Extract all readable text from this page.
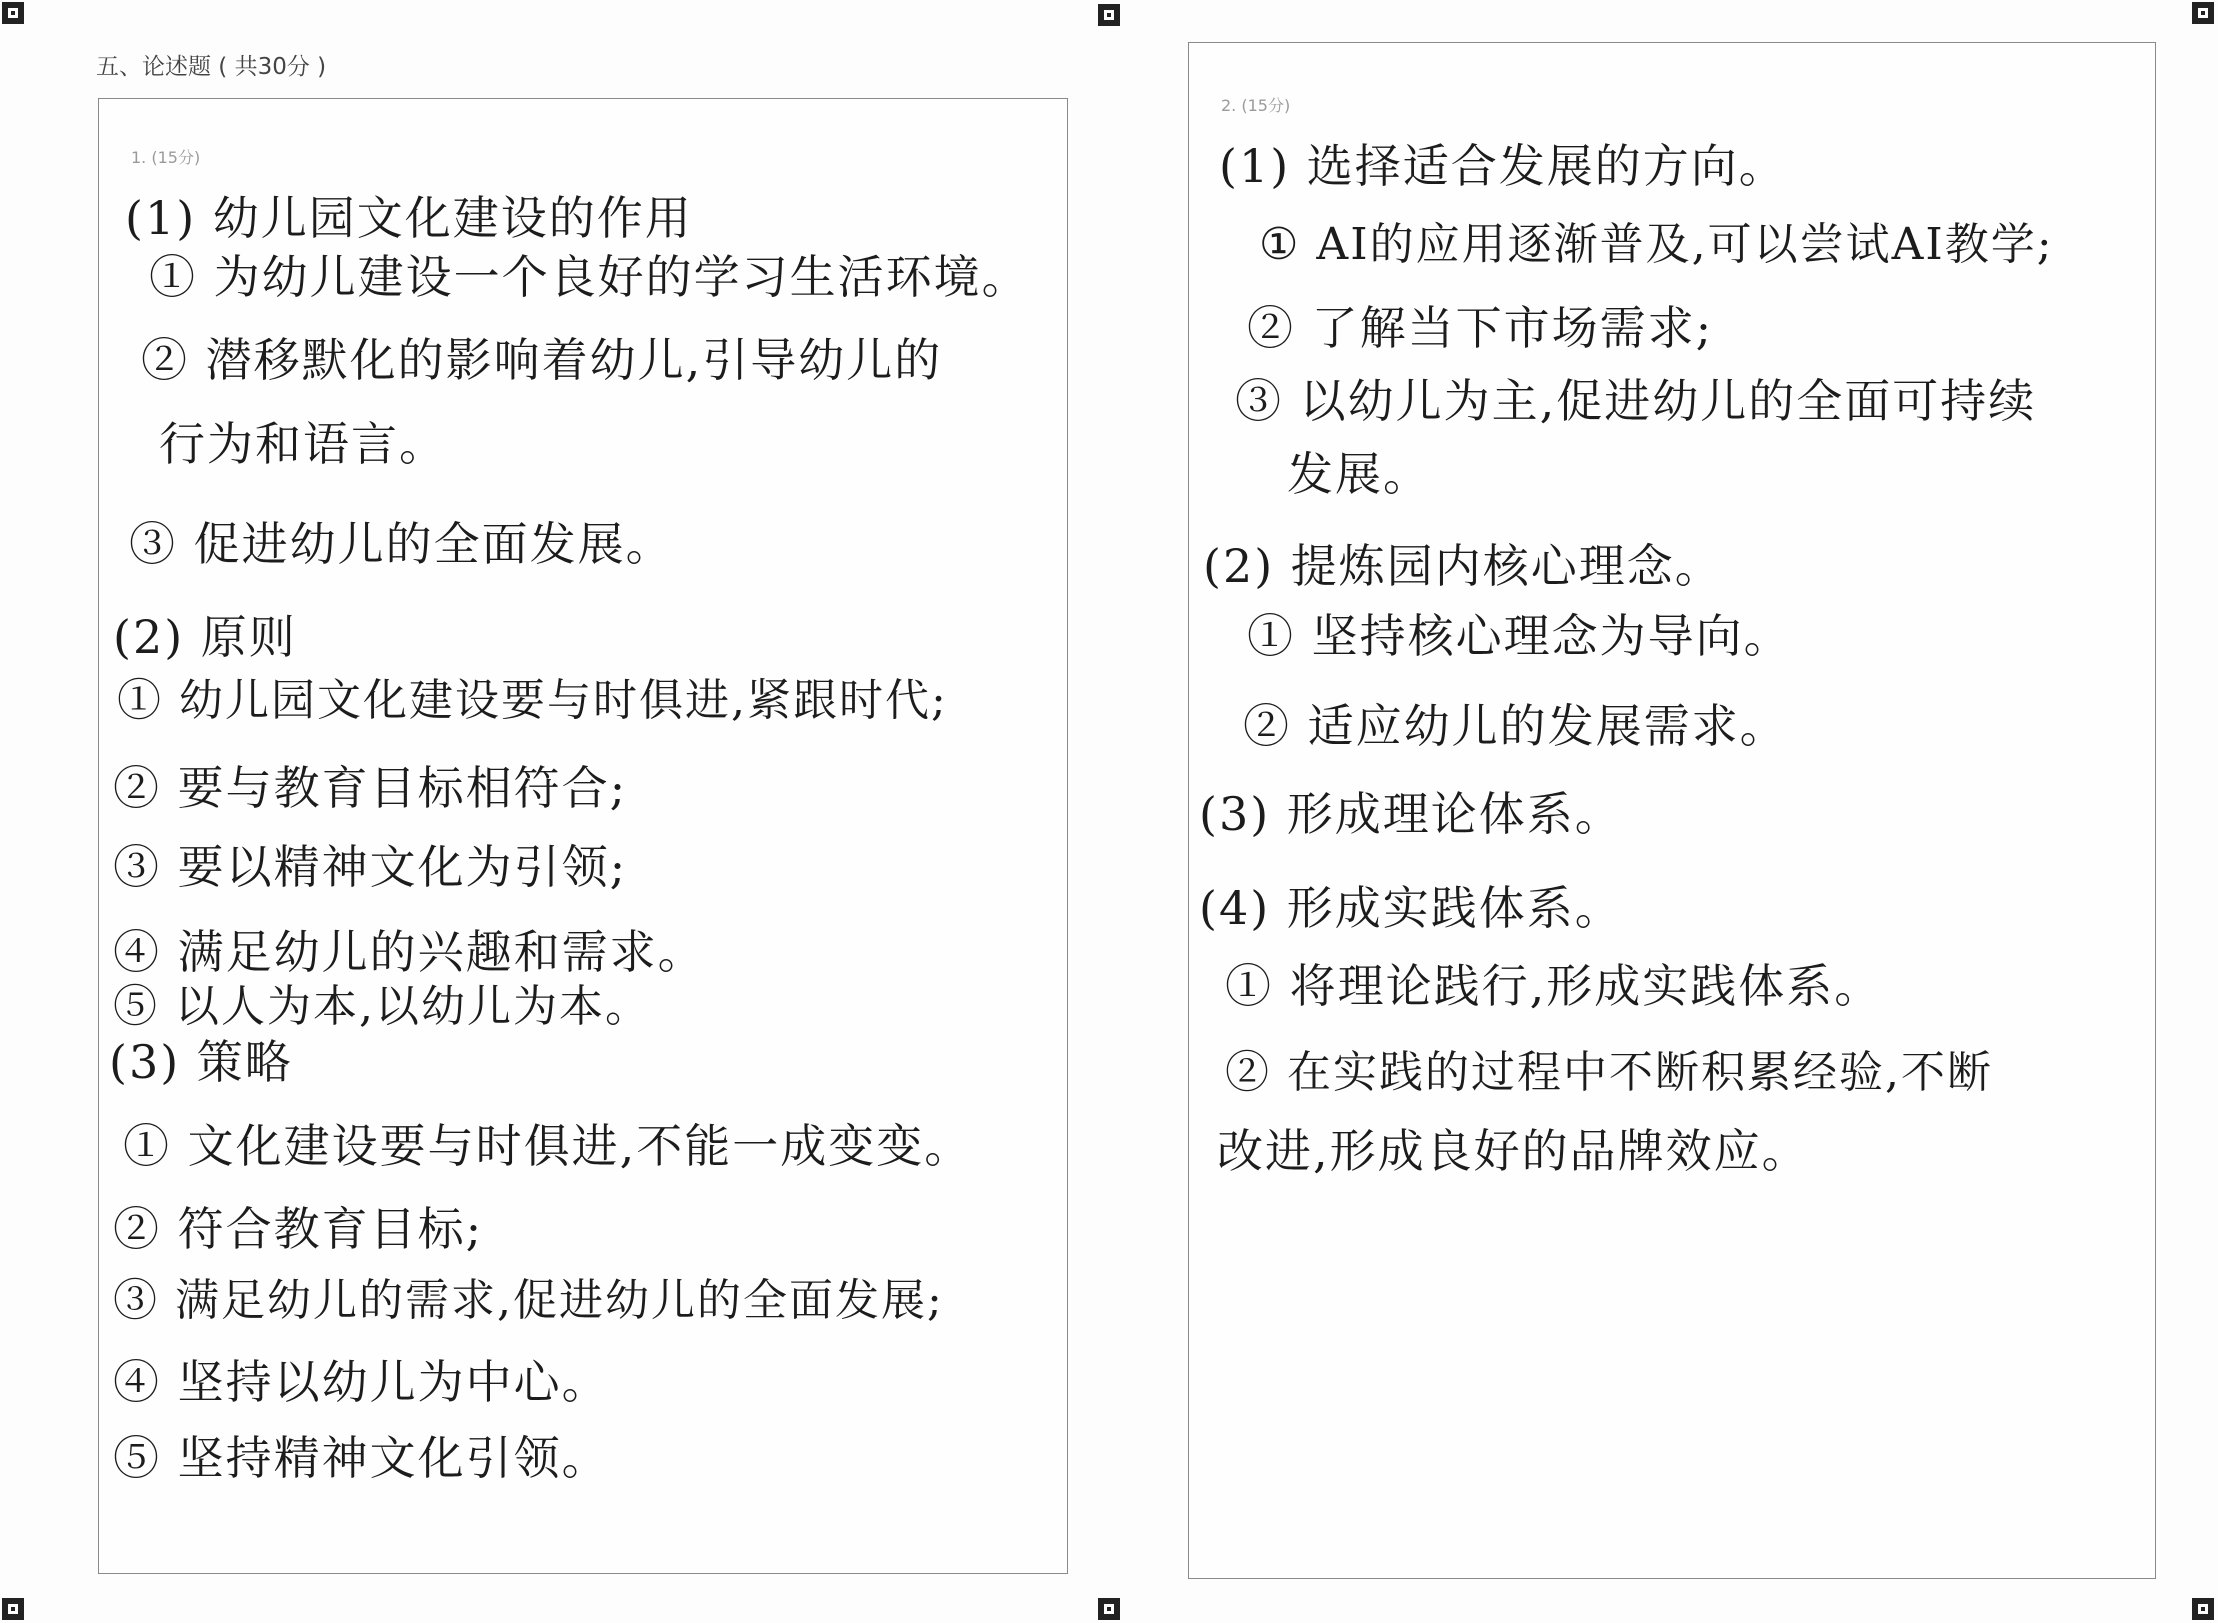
五、论述题 ( 共30分 )
1. (15分)
(1) 幼儿园文化建设的作用
① 为幼儿建设一个良好的学习生活环境。
② 潜移默化的影响着幼儿,引导幼儿的
行为和语言。
③ 促进幼儿的全面发展。
(2) 原则
① 幼儿园文化建设要与时俱进,紧跟时代;
② 要与教育目标相符合;
③ 要以精神文化为引领;
④ 满足幼儿的兴趣和需求。
⑤ 以人为本,以幼儿为本。
(3) 策略
① 文化建设要与时俱进,不能一成变变。
② 符合教育目标;
③ 满足幼儿的需求,促进幼儿的全面发展;
④ 坚持以幼儿为中心。
⑤ 坚持精神文化引领。
2. (15分)
(1) 选择适合发展的方向。
① AI的应用逐渐普及,可以尝试AI教学;
② 了解当下市场需求;
③ 以幼儿为主,促进幼儿的全面可持续
发展。
(2) 提炼园内核心理念。
① 坚持核心理念为导向。
② 适应幼儿的发展需求。
(3) 形成理论体系。
(4) 形成实践体系。
① 将理论践行,形成实践体系。
② 在实践的过程中不断积累经验,不断
改进,形成良好的品牌效应。
